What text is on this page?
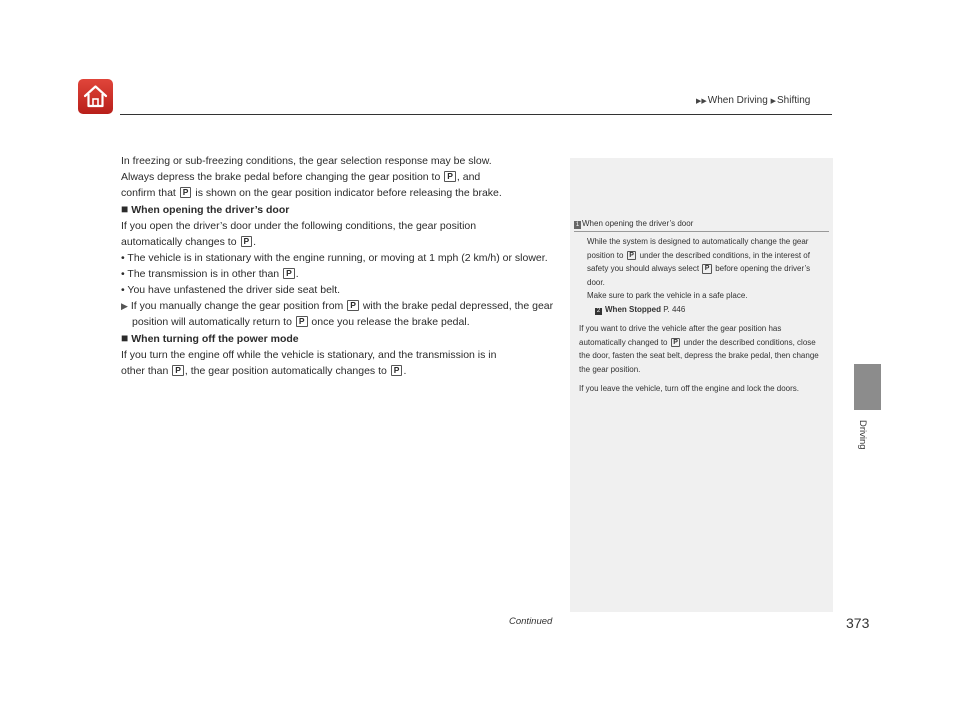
▶▶When Driving ▶Shifting
Driving

In freezing or sub-freezing conditions, the gear selection response may be slow.
Always depress the brake pedal before changing the gear position to P , and
confirm that P is shown on the gear position indicator before releasing the brake.

■ When opening the driver’s door

If you open the driver’s door under the following conditions, the gear position
automatically changes to P .

• The vehicle is in stationary with the engine running, or moving at 1 mph (2 km/h) or slower.

• The transmission is in other than P .

• You have unfastened the driver side seat belt.

▶ If you manually change the gear position from P with the brake pedal depressed, the gear position will automatically return to P once you release the brake pedal.

■ When turning off the power mode

If you turn the engine off while the vehicle is stationary, and the transmission is in
other than P , the gear position automatically changes to P .

1 When opening the driver’s door

While the system is designed to automatically change the gear position to P under the described conditions, in the interest of safety you should always select P before opening the driver’s door.
Make sure to park the vehicle in a safe place.

2 When Stopped P. 446

If you want to drive the vehicle after the gear position has automatically changed to P under the described conditions, close the door, fasten the seat belt, depress the brake pedal, then change the gear position.

If you leave the vehicle, turn off the engine and lock the doors.

Continued	373
